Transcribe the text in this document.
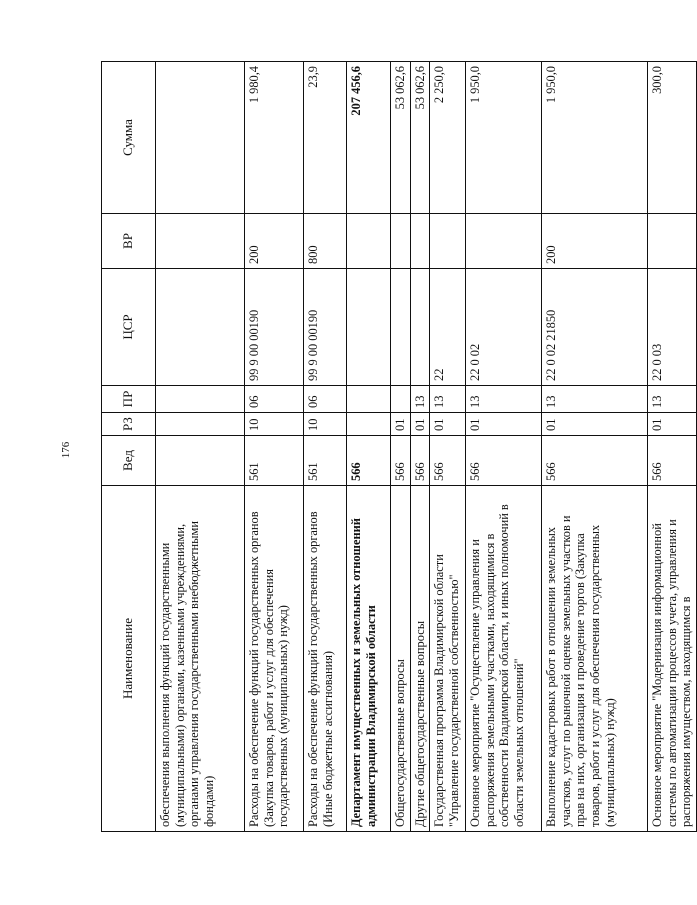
176
Наименование	Вед	РЗ	ПР	ЦСР	ВР	Сумма
обеспечения выполнения функций государственными (муниципальными) органами, казенными учреждениями, органами управления государственными внебюджетными фондами)						
Расходы на обеспечение функций государственных органов (Закупка товаров, работ и услуг для обеспечения государственных (муниципальных) нужд)	561	10	06	99 9 00 00190	200	1 980,4
Расходы на обеспечение функций государственных органов (Иные бюджетные ассигнования)	561	10	06	99 9 00 00190	800	23,9
Департамент имущественных и земельных отношений администрации Владимирской области	566					207 456,6
Общегосударственные вопросы	566	01				53 062,6
Другие общегосударственные вопросы	566	01	13			53 062,6
Государственная программа Владимирской области "Управление государственной собственностью"	566	01	13	22		2 250,0
Основное мероприятие "Осуществление управления и распоряжения земельными участками, находящимися в собственности Владимирской области, и иных полномочий в области земельных отношений"	566	01	13	22 0 02		1 950,0
Выполнение кадастровых работ в отношении земельных участков, услуг по рыночной оценке земельных участков и прав на них, организация и проведение торгов (Закупка товаров, работ и услуг для обеспечения государственных (муниципальных) нужд)	566	01	13	22 0 02 21850	200	1 950,0
Основное мероприятие "Модернизация информационной системы по автоматизации процессов учета, управления и распоряжения имуществом, находящимся в	566	01	13	22 0 03		300,0
